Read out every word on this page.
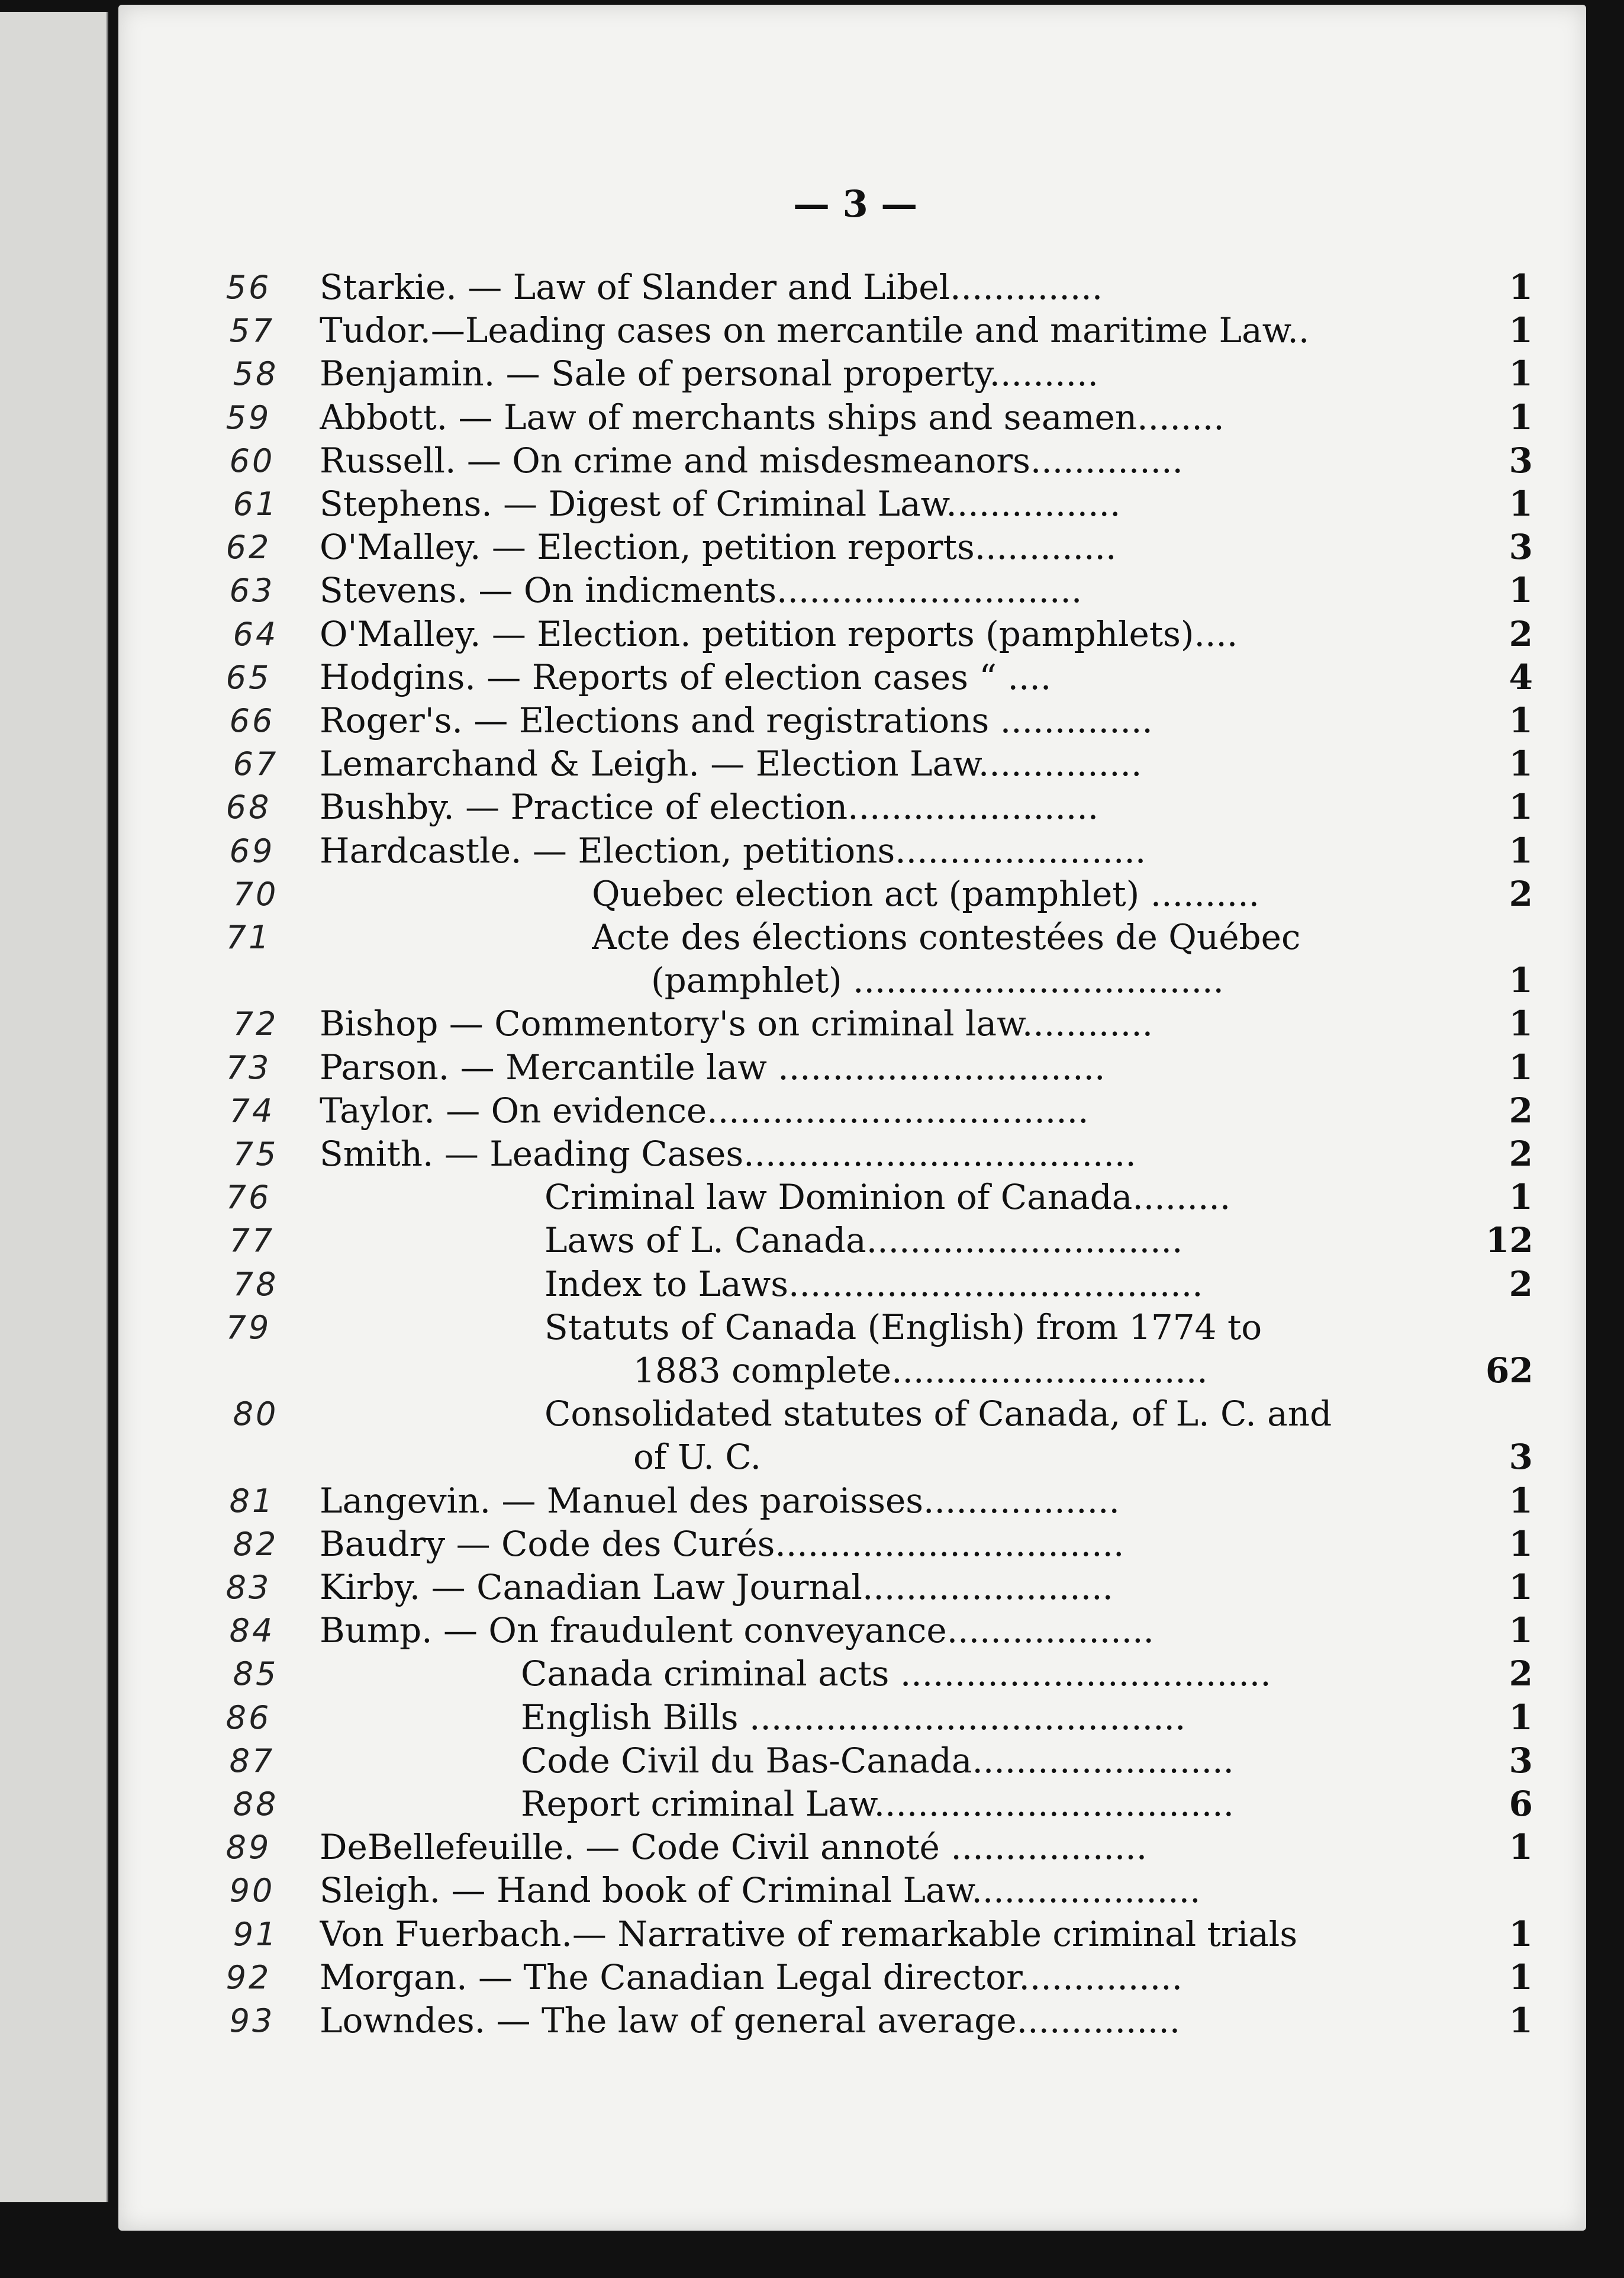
— 3 —
56	Starkie. — Law of Slander and Libel..............	1
57	Tudor.—Leading cases on mercantile and maritime Law..	1
58	Benjamin. — Sale of personal property..........	1
59	Abbott. — Law of merchants ships and seamen........	1
60	Russell. — On crime and misdesmeanors..............	3
61	Stephens. — Digest of Criminal Law................	1
62	O'Malley. — Election, petition reports.............	3
63	Stevens. — On indicments............................	1
64	O'Malley. — Election. petition reports (pamphlets)....	2
65	Hodgins. — Reports of election cases “ ....	4
66	Roger's. — Elections and registrations ..............	1
67	Lemarchand & Leigh. — Election Law...............	1
68	Bushby. — Practice of election.......................	1
69	Hardcastle. — Election, petitions.......................	1
70	Quebec election act (pamphlet) ..........	2
71	Acte des élections contestées de Québec
(pamphlet) ..................................	1
72	Bishop — Commentory's on criminal law............	1
73	Parson. — Mercantile law ..............................	1
74	Taylor. — On evidence...................................	2
75	Smith. — Leading Cases....................................	2
76	Criminal law Dominion of Canada.........	1
77	Laws of L. Canada.............................	12
78	Index to Laws......................................	2
79	Statuts of Canada (English) from 1774 to
1883 complete.............................	62
80	Consolidated statutes of Canada, of L. C. and
of U. C.	3
81	Langevin. — Manuel des paroisses..................	1
82	Baudry — Code des Curés................................	1
83	Kirby. — Canadian Law Journal.......................	1
84	Bump. — On fraudulent conveyance...................	1
85	Canada criminal acts ..................................	2
86	English Bills ........................................	1
87	Code Civil du Bas-Canada........................	3
88	Report criminal Law.................................	6
89	DeBellefeuille. — Code Civil annoté ..................	1
90	Sleigh. — Hand book of Criminal Law.....................
91	Von Fuerbach.— Narrative of remarkable criminal trials	1
92	Morgan. — The Canadian Legal director...............	1
93	Lowndes. — The law of general average...............	1
